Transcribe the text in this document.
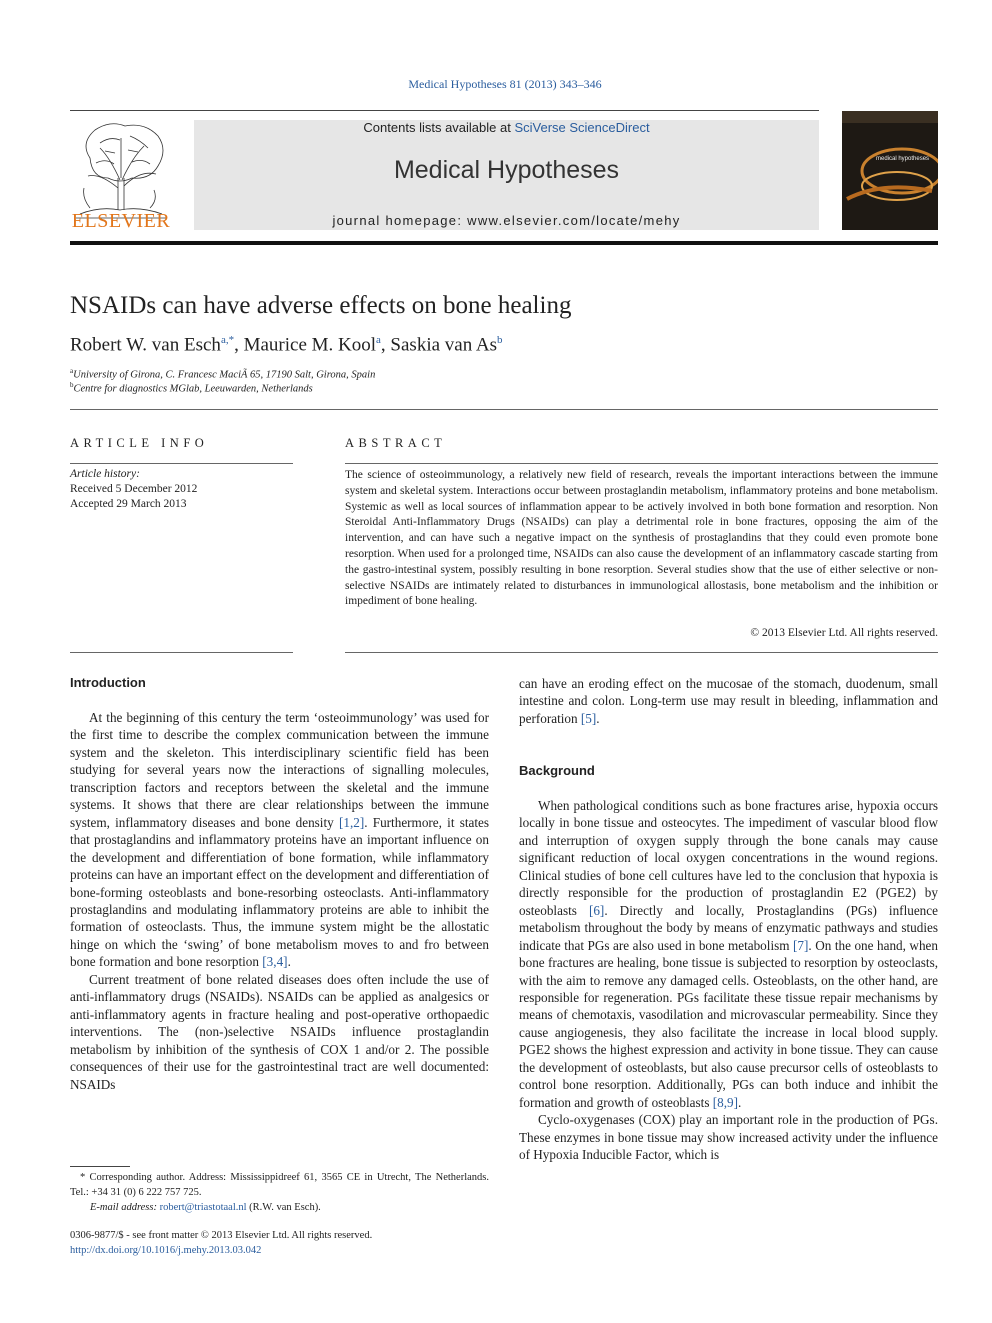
Medical Hypotheses 81 (2013) 343–346
ELSEVIER
Contents lists available at SciVerse ScienceDirect
Medical Hypotheses
journal homepage: www.elsevier.com/locate/mehy
medical hypotheses
NSAIDs can have adverse effects on bone healing
Robert W. van Esch$^{a,*}$, Maurice M. Kool$^a$, Saskia van As$^b$
$^a$University of Girona, C. Francesc MaciÃ 65, 17190 Salt, Girona, Spain
$^b$Centre for diagnostics MGlab, Leeuwarden, Netherlands
ARTICLE INFO
Article history:
Received 5 December 2012
Accepted 29 March 2013
ABSTRACT

The science of osteoimmunology, a relatively new field of research, reveals the important interactions between the immune system and skeletal system. Interactions occur between prostaglandin metabolism, inflammatory proteins and bone metabolism. Systemic as well as local sources of inflammation appear to be actively involved in both bone formation and resorption. Non Steroidal Anti-Inflammatory Drugs (NSAIDs) can play a detrimental role in bone fractures, opposing the aim of the intervention, and can have such a negative impact on the synthesis of prostaglandins that they could even promote bone resorption. When used for a prolonged time, NSAIDs can also cause the development of an inflammatory cascade starting from the gastro-intestinal system, possibly resulting in bone resorption. Several studies show that the use of either selective or non-selective NSAIDs are intimately related to disturbances in immunological allostasis, bone metabolism and the inhibition or impediment of bone healing.

© 2013 Elsevier Ltd. All rights reserved.
Introduction

At the beginning of this century the term ‘osteoimmunology’ was used for the first time to describe the complex communication between the immune system and the skeleton. This interdisciplinary scientific field has been studying for several years now the interactions of signalling molecules, transcription factors and receptors between the skeletal and the immune systems. It shows that there are clear relationships between the immune system, inflammatory diseases and bone density [1,2]. Furthermore, it states that prostaglandins and inflammatory proteins have an important influence on the development and differentiation of bone formation, while inflammatory proteins can have an important effect on the development and differentiation of bone-forming osteoblasts and bone-resorbing osteoclasts. Anti-inflammatory prostaglandins and modulating inflammatory proteins are able to inhibit the formation of osteoclasts. Thus, the immune system might be the allostatic hinge on which the ‘swing’ of bone metabolism moves to and fro between bone formation and bone resorption [3,4].

Current treatment of bone related diseases does often include the use of anti-inflammatory drugs (NSAIDs). NSAIDs can be applied as analgesics or anti-inflammatory agents in fracture healing and post-operative orthopaedic interventions. The (non-)selective NSAIDs influence prostaglandin metabolism by inhibition of the synthesis of COX 1 and/or 2. The possible consequences of their use for the gastrointestinal tract are well documented: NSAIDs

can have an eroding effect on the mucosae of the stomach, duodenum, small intestine and colon. Long-term use may result in bleeding, inflammation and perforation [5].

Background

When pathological conditions such as bone fractures arise, hypoxia occurs locally in bone tissue and osteocytes. The impediment of vascular blood flow and interruption of oxygen supply through the bone canals may cause significant reduction of local oxygen concentrations in the wound regions. Clinical studies of bone cell cultures have led to the conclusion that hypoxia is directly responsible for the production of prostaglandin E2 (PGE2) by osteoblasts [6]. Directly and locally, Prostaglandins (PGs) influence metabolism throughout the body by means of enzymatic pathways and studies indicate that PGs are also used in bone metabolism [7]. On the one hand, when bone fractures are healing, bone tissue is subjected to resorption by osteoclasts, with the aim to remove any damaged cells. Osteoblasts, on the other hand, are responsible for regeneration. PGs facilitate these tissue repair mechanisms by means of chemotaxis, vasodilation and microvascular permeability. Since they cause angiogenesis, they also facilitate the increase in local blood supply. PGE2 shows the highest expression and activity in bone tissue. They can cause the development of osteoblasts, but also cause precursor cells of osteoblasts to control bone resorption. Additionally, PGs can both induce and inhibit the formation and growth of osteoblasts [8,9].

Cyclo-oxygenases (COX) play an important role in the production of PGs. These enzymes in bone tissue may show increased activity under the influence of Hypoxia Inducible Factor, which is

* Corresponding author. Address: Mississippidreef 61, 3565 CE in Utrecht, The Netherlands. Tel.: +34 31 (0) 6 222 757 725.
E-mail address: robert@triastotaal.nl (R.W. van Esch).
0306-9877/$ - see front matter © 2013 Elsevier Ltd. All rights reserved.
http://dx.doi.org/10.1016/j.mehy.2013.03.042
